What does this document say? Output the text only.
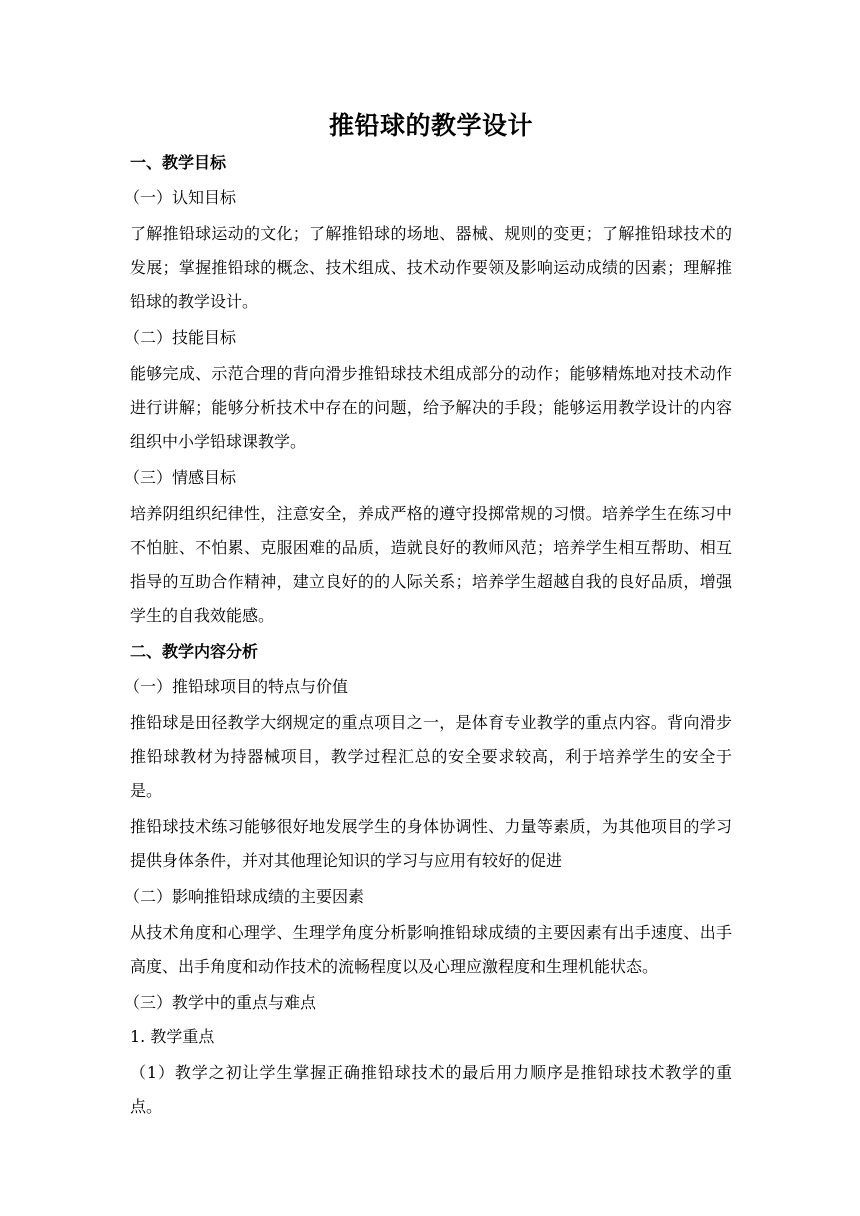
推铅球的教学设计
一、教学目标
（一）认知目标
了解推铅球运动的文化；了解推铅球的场地、器械、规则的变更；了解推铅球技术的发展；掌握推铅球的概念、技术组成、技术动作要领及影响运动成绩的因素；理解推铅球的教学设计。
（二）技能目标
能够完成、示范合理的背向滑步推铅球技术组成部分的动作；能够精炼地对技术动作进行讲解；能够分析技术中存在的问题，给予解决的手段；能够运用教学设计的内容组织中小学铅球课教学。
（三）情感目标
培养阴组织纪律性，注意安全，养成严格的遵守投掷常规的习惯。培养学生在练习中不怕脏、不怕累、克服困难的品质，造就良好的教师风范；培养学生相互帮助、相互指导的互助合作精神，建立良好的的人际关系；培养学生超越自我的良好品质，增强学生的自我效能感。
二、教学内容分析
（一）推铅球项目的特点与价值
推铅球是田径教学大纲规定的重点项目之一，是体育专业教学的重点内容。背向滑步推铅球教材为持器械项目，教学过程汇总的安全要求较高，利于培养学生的安全于是。
推铅球技术练习能够很好地发展学生的身体协调性、力量等素质，为其他项目的学习提供身体条件，并对其他理论知识的学习与应用有较好的促进
（二）影响推铅球成绩的主要因素
从技术角度和心理学、生理学角度分析影响推铅球成绩的主要因素有出手速度、出手高度、出手角度和动作技术的流畅程度以及心理应激程度和生理机能状态。
（三）教学中的重点与难点
1. 教学重点
（1）教学之初让学生掌握正确推铅球技术的最后用力顺序是推铅球技术教学的重点。
